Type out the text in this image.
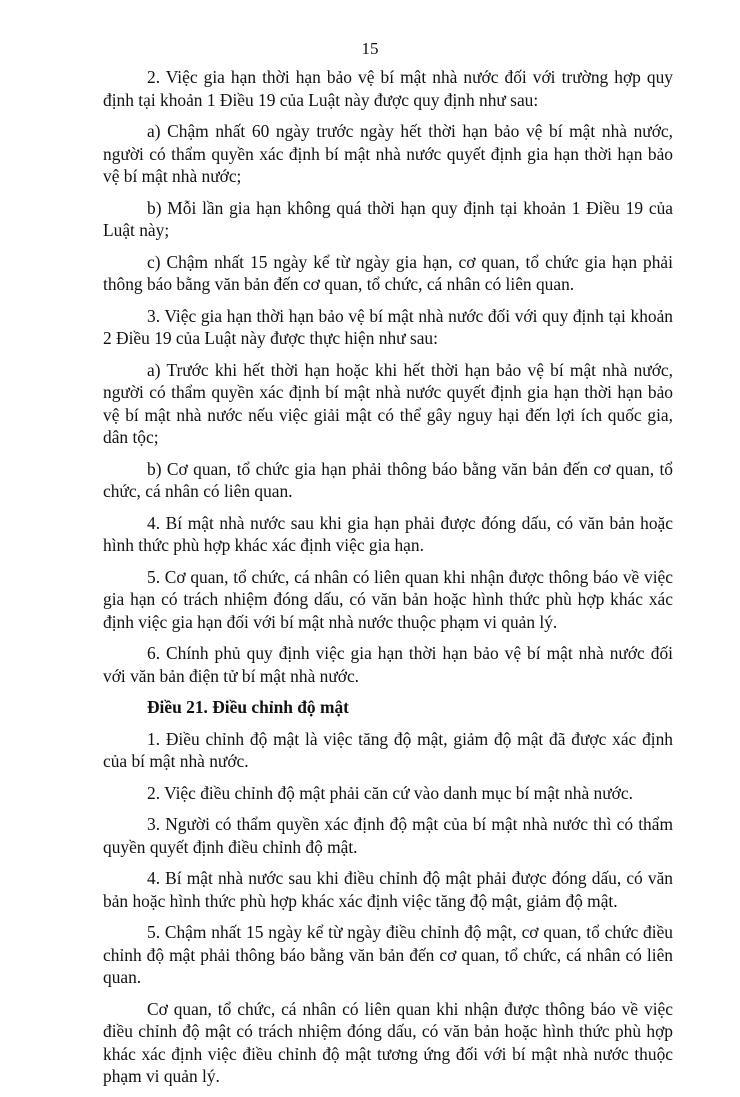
15

2. Việc gia hạn thời hạn bảo vệ bí mật nhà nước đối với trường hợp quy định tại khoản 1 Điều 19 của Luật này được quy định như sau:

a) Chậm nhất 60 ngày trước ngày hết thời hạn bảo vệ bí mật nhà nước, người có thẩm quyền xác định bí mật nhà nước quyết định gia hạn thời hạn bảo vệ bí mật nhà nước;

b) Mỗi lần gia hạn không quá thời hạn quy định tại khoản 1 Điều 19 của Luật này;

c) Chậm nhất 15 ngày kể từ ngày gia hạn, cơ quan, tổ chức gia hạn phải thông báo bằng văn bản đến cơ quan, tổ chức, cá nhân có liên quan.

3. Việc gia hạn thời hạn bảo vệ bí mật nhà nước đối với quy định tại khoản 2 Điều 19 của Luật này được thực hiện như sau:

a) Trước khi hết thời hạn hoặc khi hết thời hạn bảo vệ bí mật nhà nước, người có thẩm quyền xác định bí mật nhà nước quyết định gia hạn thời hạn bảo vệ bí mật nhà nước nếu việc giải mật có thể gây nguy hại đến lợi ích quốc gia, dân tộc;

b) Cơ quan, tổ chức gia hạn phải thông báo bằng văn bản đến cơ quan, tổ chức, cá nhân có liên quan.

4. Bí mật nhà nước sau khi gia hạn phải được đóng dấu, có văn bản hoặc hình thức phù hợp khác xác định việc gia hạn.

5. Cơ quan, tổ chức, cá nhân có liên quan khi nhận được thông báo về việc gia hạn có trách nhiệm đóng dấu, có văn bản hoặc hình thức phù hợp khác xác định việc gia hạn đối với bí mật nhà nước thuộc phạm vi quản lý.

6. Chính phủ quy định việc gia hạn thời hạn bảo vệ bí mật nhà nước đối với văn bản điện tử bí mật nhà nước.

Điều 21. Điều chỉnh độ mật

1. Điều chỉnh độ mật là việc tăng độ mật, giảm độ mật đã được xác định của bí mật nhà nước.

2. Việc điều chỉnh độ mật phải căn cứ vào danh mục bí mật nhà nước.

3. Người có thẩm quyền xác định độ mật của bí mật nhà nước thì có thẩm quyền quyết định điều chỉnh độ mật.

4. Bí mật nhà nước sau khi điều chỉnh độ mật phải được đóng dấu, có văn bản hoặc hình thức phù hợp khác xác định việc tăng độ mật, giảm độ mật.

5. Chậm nhất 15 ngày kể từ ngày điều chỉnh độ mật, cơ quan, tổ chức điều chỉnh độ mật phải thông báo bằng văn bản đến cơ quan, tổ chức, cá nhân có liên quan.

Cơ quan, tổ chức, cá nhân có liên quan khi nhận được thông báo về việc điều chỉnh độ mật có trách nhiệm đóng dấu, có văn bản hoặc hình thức phù hợp khác xác định việc điều chỉnh độ mật tương ứng đối với bí mật nhà nước thuộc phạm vi quản lý.
